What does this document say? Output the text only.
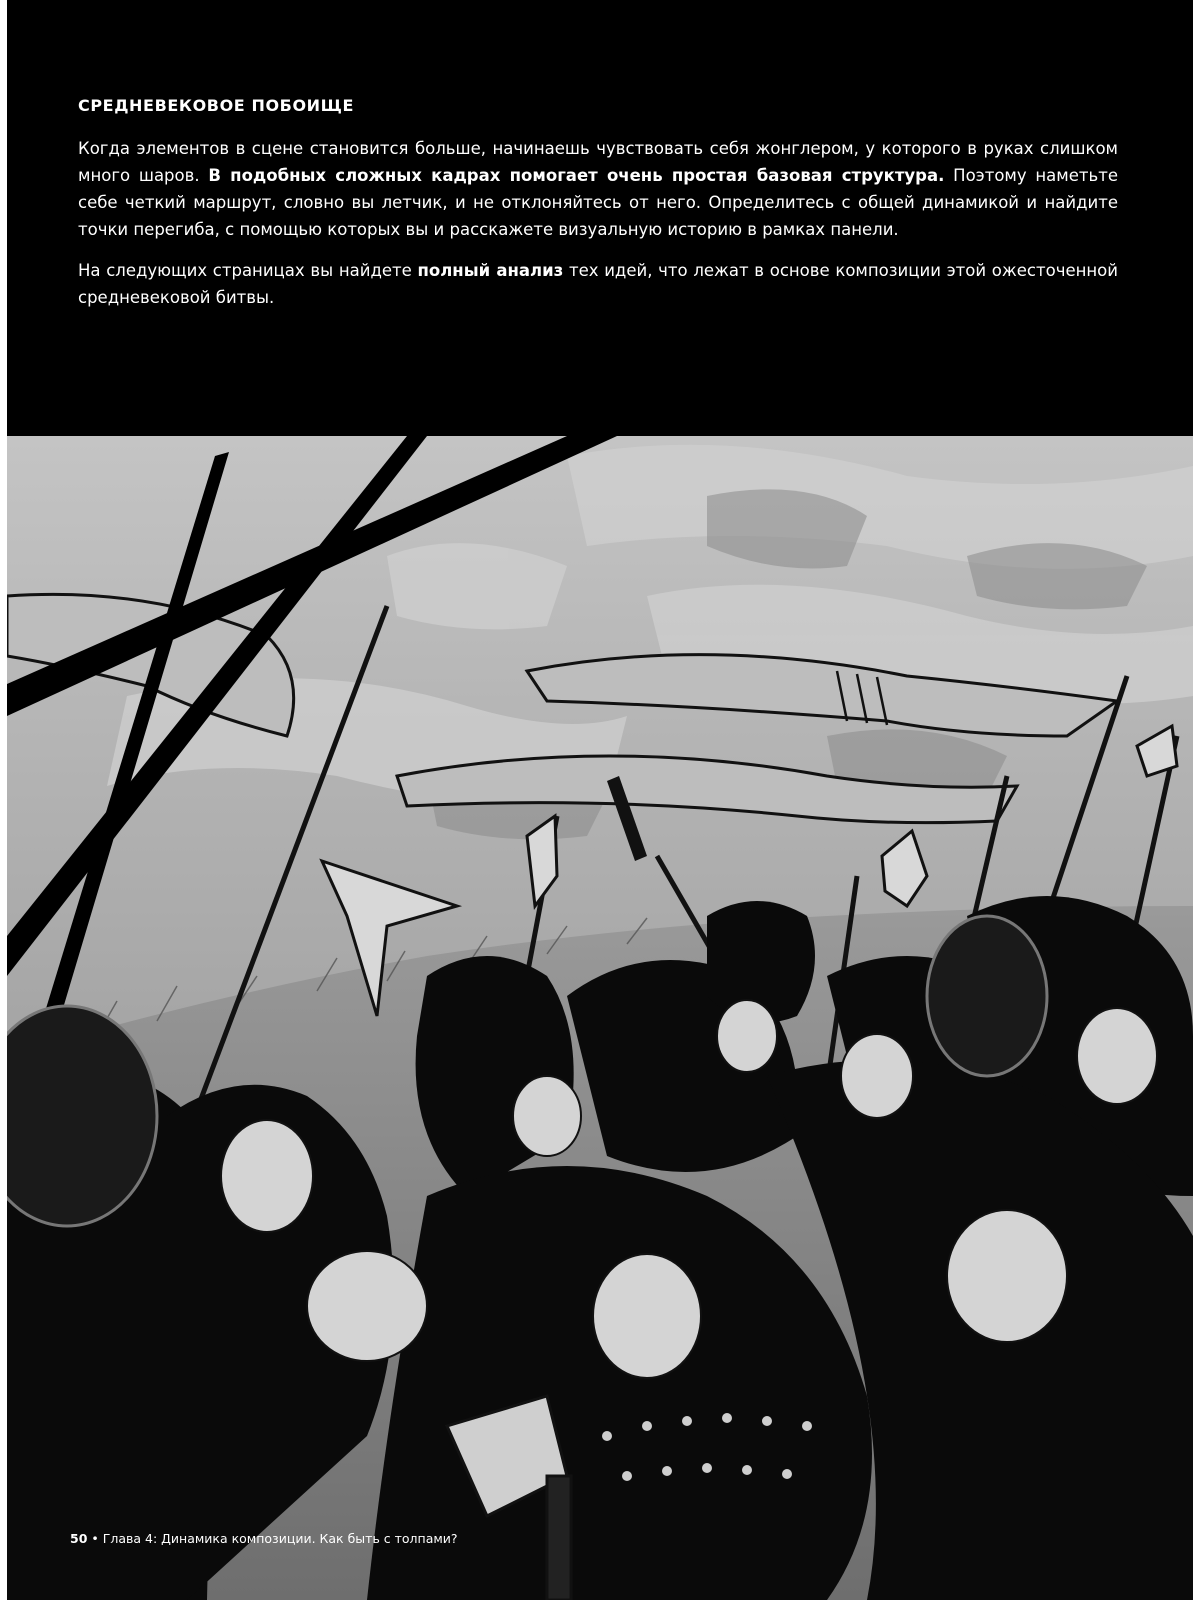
СРЕДНЕВЕКОВОЕ ПОБОИЩЕ

Когда элементов в сцене становится больше, начинаешь чувствовать себя жонглером, у которого в руках слишком много шаров. В подобных сложных кадрах помогает очень простая базовая структура. Поэтому наметьте себе четкий маршрут, словно вы летчик, и не отклоняйтесь от него. Определитесь с общей динамикой и найдите точки перегиба, с помощью которых вы и расскажете визуальную историю в рамках панели.

На следующих страницах вы найдете полный анализ тех идей, что лежат в основе композиции этой ожесточенной средневековой битвы.

50 • Глава 4: Динамика композиции. Как быть с толпами?
